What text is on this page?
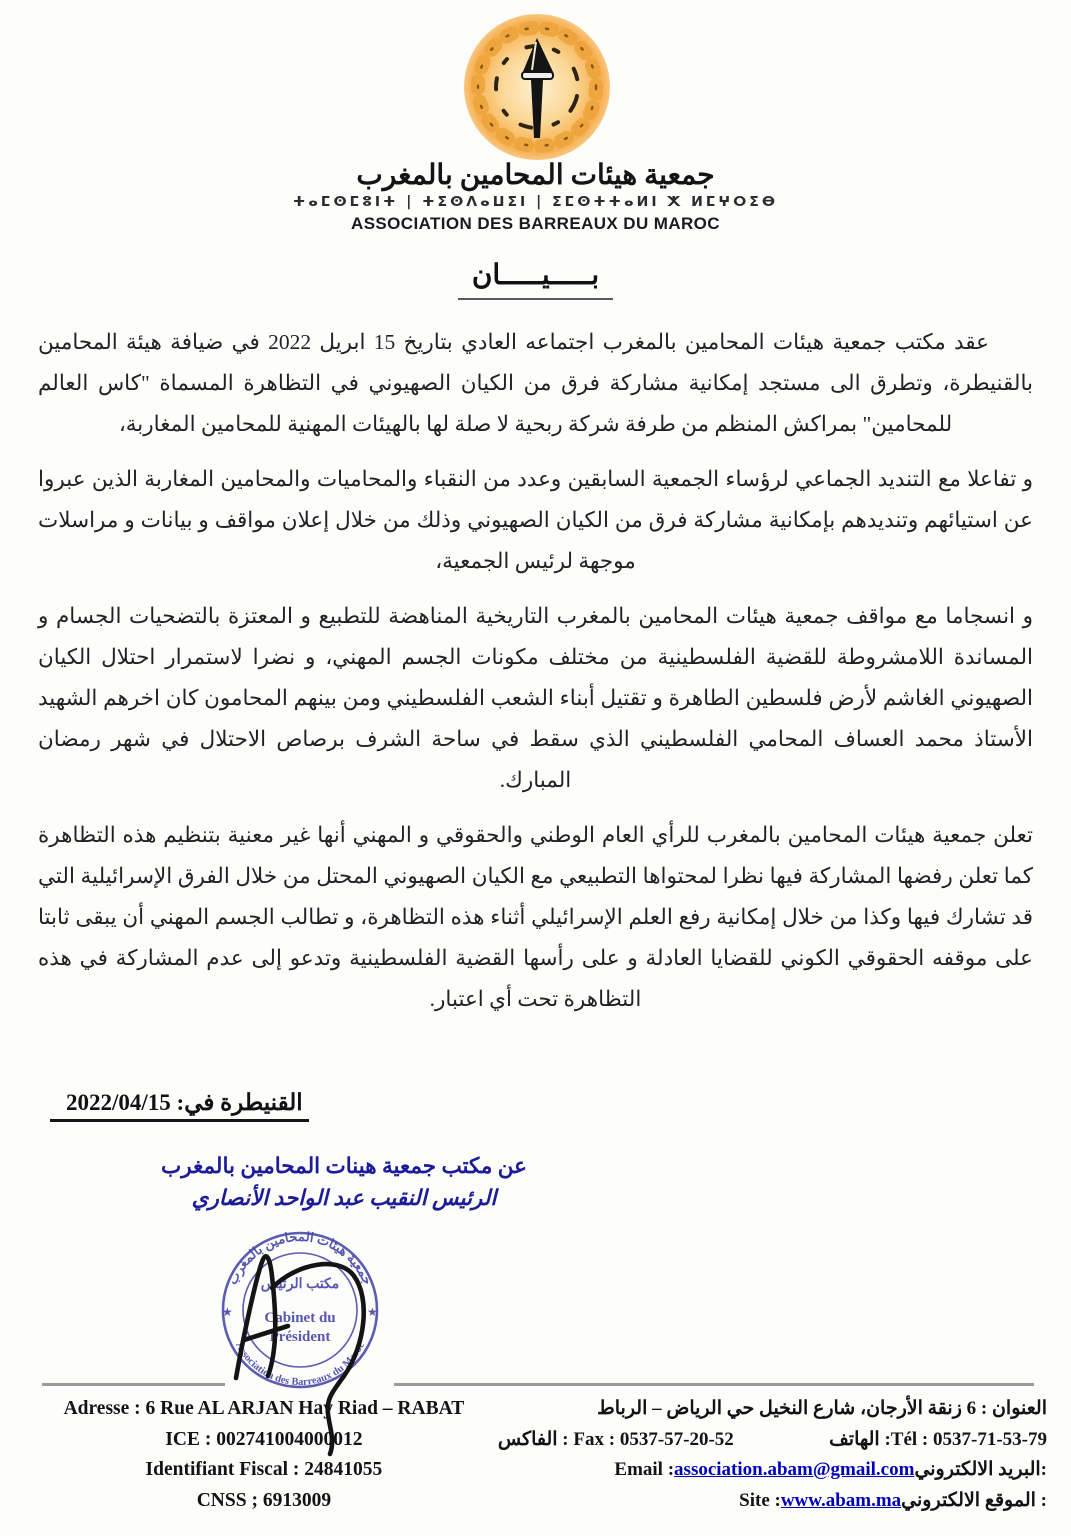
جمعية هيئات المحامين بالمغرب
ⵜⴰⵎⵙⵎⵓⵏⵜ | ⵜⵉⵙⴷⴰⵡⵉⵏ | ⵉⵎⵙⵜⵜⴰⵍⵏ ⵅ ⵍⵎⵖⵔⵉⴱ
ASSOCIATION DES BARREAUX DU MAROC
بـــــيـــــان

عقد مكتب جمعية هيئات المحامين بالمغرب اجتماعه العادي بتاريخ 15 ابريل 2022 في ضيافة هيئة المحامين بالقنيطرة، وتطرق الى مستجد إمكانية مشاركة فرق من الكيان الصهيوني في التظاهرة المسماة "كاس العالم للمحامين" بمراكش المنظم من طرفة شركة ربحية لا صلة لها بالهيئات المهنية للمحامين المغاربة،

و تفاعلا مع التنديد الجماعي لرؤساء الجمعية السابقين وعدد من النقباء والمحاميات والمحامين المغاربة الذين عبروا عن استيائهم وتنديدهم بإمكانية مشاركة فرق من الكيان الصهيوني وذلك من خلال إعلان مواقف و بيانات و مراسلات موجهة لرئيس الجمعية،

و انسجاما مع مواقف جمعية هيئات المحامين بالمغرب التاريخية المناهضة للتطبيع و المعتزة بالتضحيات الجسام و المساندة اللامشروطة للقضية الفلسطينية من مختلف مكونات الجسم المهني، و نضرا لاستمرار احتلال الكيان الصهيوني الغاشم لأرض فلسطين الطاهرة و تقتيل أبناء الشعب الفلسطيني ومن بينهم المحامون كان اخرهم الشهيد الأستاذ محمد العساف المحامي الفلسطيني الذي سقط في ساحة الشرف برصاص الاحتلال في شهر رمضان المبارك.

تعلن جمعية هيئات المحامين بالمغرب للرأي العام الوطني والحقوقي و المهني أنها غير معنية بتنظيم هذه التظاهرة كما تعلن رفضها المشاركة فيها نظرا لمحتواها التطبيعي مع الكيان الصهيوني المحتل من خلال الفرق الإسرائيلية التي قد تشارك فيها وكذا من خلال إمكانية رفع العلم الإسرائيلي أثناء هذه التظاهرة، و تطالب الجسم المهني أن يبقى ثابتا على موقفه الحقوقي الكوني للقضايا العادلة و على رأسها القضية الفلسطينية وتدعو إلى عدم المشاركة في هذه التظاهرة تحت أي اعتبار.

القنيطرة في: 2022/04/15
عن مكتب جمعية هينات المحامين بالمغرب
الرئيس النقيب عبد الواحد الأنصاري
جمعية هيئات المحامين بالمغرب
Association des Barreaux du Maroc
★	★
مكتب الرئيس
Cabinet du
Président
Adresse : 6 Rue AL ARJAN Hay Riad – RABAT
ICE : 002741004000012
Identifiant Fiscal : 24841055
CNSS ; 6913009
العنوان : 6 زنقة الأرجان، شارع النخيل حي الرياض – الرباط
Fax : 0537-57-20-52 : الفاكس	Tél : 0537-71-53-79: الهاتف
Email :association.abam@gmail.com:البريد الالكتروني
Site :www.abam.ma: الموقع الالكتروني
